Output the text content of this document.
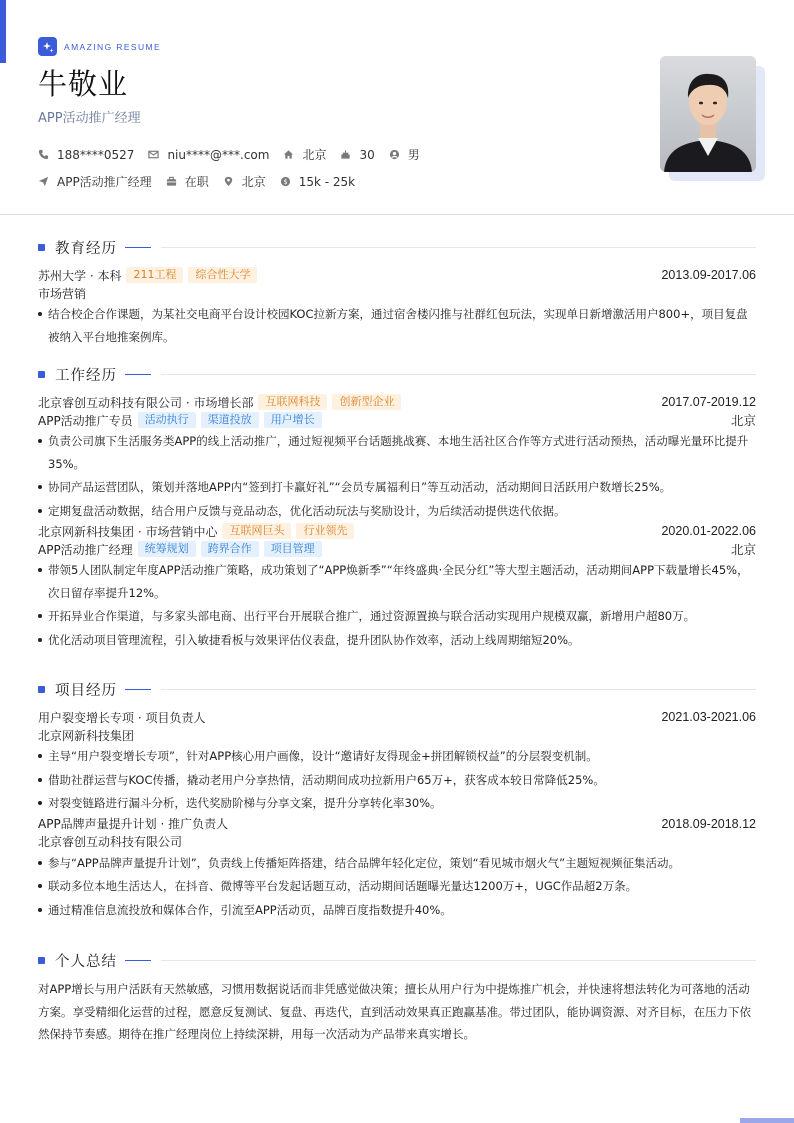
AMAZING RESUME
牛敬业
APP活动推广经理
188****0527	niu****@***.com	北京	30	男
APP活动推广经理	在职	北京 $ 15k - 25k
教育经历
苏州大学 · 本科	211工程	综合性大学	2013.09-2017.06
市场营销
结合校企合作课题，为某社交电商平台设计校园KOC拉新方案，通过宿舍楼闪推与社群红包玩法，实现单日新增激活用户800+，项目复盘被纳入平台地推案例库。
工作经历
北京睿创互动科技有限公司 · 市场增长部	互联网科技	创新型企业	2017.07-2019.12
APP活动推广专员	活动执行	渠道投放	用户增长	北京
负责公司旗下生活服务类APP的线上活动推广，通过短视频平台话题挑战赛、本地生活社区合作等方式进行活动预热，活动曝光量环比提升35%。
协同产品运营团队，策划并落地APP内“签到打卡赢好礼”“会员专属福利日”等互动活动，活动期间日活跃用户数增长25%。
定期复盘活动数据，结合用户反馈与竞品动态，优化活动玩法与奖励设计，为后续活动提供迭代依据。
北京网新科技集团 · 市场营销中心	互联网巨头	行业领先	2020.01-2022.06
APP活动推广经理	统筹规划	跨界合作	项目管理	北京
带领5人团队制定年度APP活动推广策略，成功策划了“APP焕新季”“年终盛典·全民分红”等大型主题活动，活动期间APP下载量增长45%，次日留存率提升12%。
开拓异业合作渠道，与多家头部电商、出行平台开展联合推广，通过资源置换与联合活动实现用户规模双赢，新增用户超80万。
优化活动项目管理流程，引入敏捷看板与效果评估仪表盘，提升团队协作效率，活动上线周期缩短20%。
项目经历
用户裂变增长专项 · 项目负责人	2021.03-2021.06
北京网新科技集团
主导“用户裂变增长专项”，针对APP核心用户画像，设计“邀请好友得现金+拼团解锁权益”的分层裂变机制。
借助社群运营与KOC传播，撬动老用户分享热情，活动期间成功拉新用户65万+，获客成本较日常降低25%。
对裂变链路进行漏斗分析，迭代奖励阶梯与分享文案，提升分享转化率30%。
APP品牌声量提升计划 · 推广负责人	2018.09-2018.12
北京睿创互动科技有限公司
参与“APP品牌声量提升计划”，负责线上传播矩阵搭建，结合品牌年轻化定位，策划“看见城市烟火气”主题短视频征集活动。
联动多位本地生活达人，在抖音、微博等平台发起话题互动，活动期间话题曝光量达1200万+，UGC作品超2万条。
通过精准信息流投放和媒体合作，引流至APP活动页，品牌百度指数提升40%。
个人总结
对APP增长与用户活跃有天然敏感，习惯用数据说话而非凭感觉做决策；擅长从用户行为中提炼推广机会，并快速将想法转化为可落地的活动方案。享受精细化运营的过程，愿意反复测试、复盘、再迭代，直到活动效果真正跑赢基准。带过团队，能协调资源、对齐目标，在压力下依然保持节奏感。期待在推广经理岗位上持续深耕，用每一次活动为产品带来真实增长。
